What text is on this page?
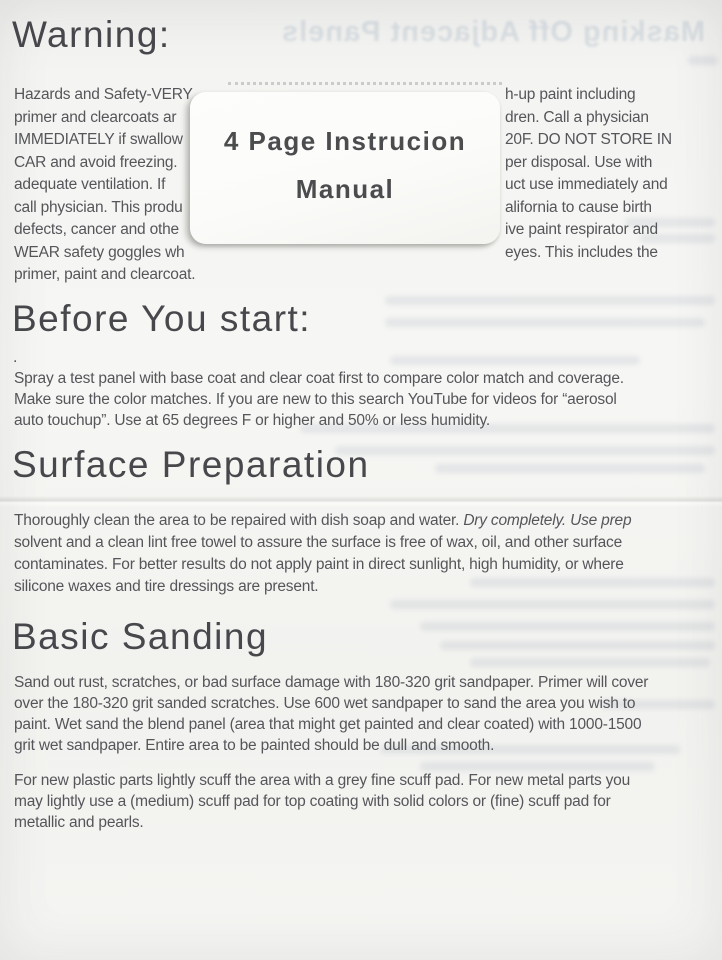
Masking Off Adjacent Panels
Warning:
Hazards and Safety-VERY	h-up paint including
primer and clearcoats ar	dren. Call a physician
IMMEDIATELY if swallow	20F. DO NOT STORE IN
CAR and avoid freezing.	per disposal. Use with
adequate ventilation. If	uct use immediately and
call physician. This produ	alifornia to cause birth
defects, cancer and othe	ive paint respirator and
WEAR safety goggles wh	eyes. This includes the
primer, paint and clearcoat.
4 Page Instrucion
Manual
Before You start:
.
Spray a test panel with base coat and clear coat first to compare color match and coverage.
Make sure the color matches. If you are new to this search YouTube for videos for “aerosol
auto touchup”. Use at 65 degrees F or higher and 50% or less humidity.
Surface Preparation
Thoroughly clean the area to be repaired with dish soap and water. Dry completely. Use prep
solvent and a clean lint free towel to assure the surface is free of wax, oil, and other surface
contaminates. For better results do not apply paint in direct sunlight, high humidity, or where
silicone waxes and tire dressings are present.
Basic Sanding
Sand out rust, scratches, or bad surface damage with 180-320 grit sandpaper. Primer will cover
over the 180-320 grit sanded scratches. Use 600 wet sandpaper to sand the area you wish to
paint. Wet sand the blend panel (area that might get painted and clear coated) with 1000-1500
grit wet sandpaper. Entire area to be painted should be dull and smooth.
For new plastic parts lightly scuff the area with a grey fine scuff pad. For new metal parts you
may lightly use a (medium) scuff pad for top coating with solid colors or (fine) scuff pad for
metallic and pearls.
